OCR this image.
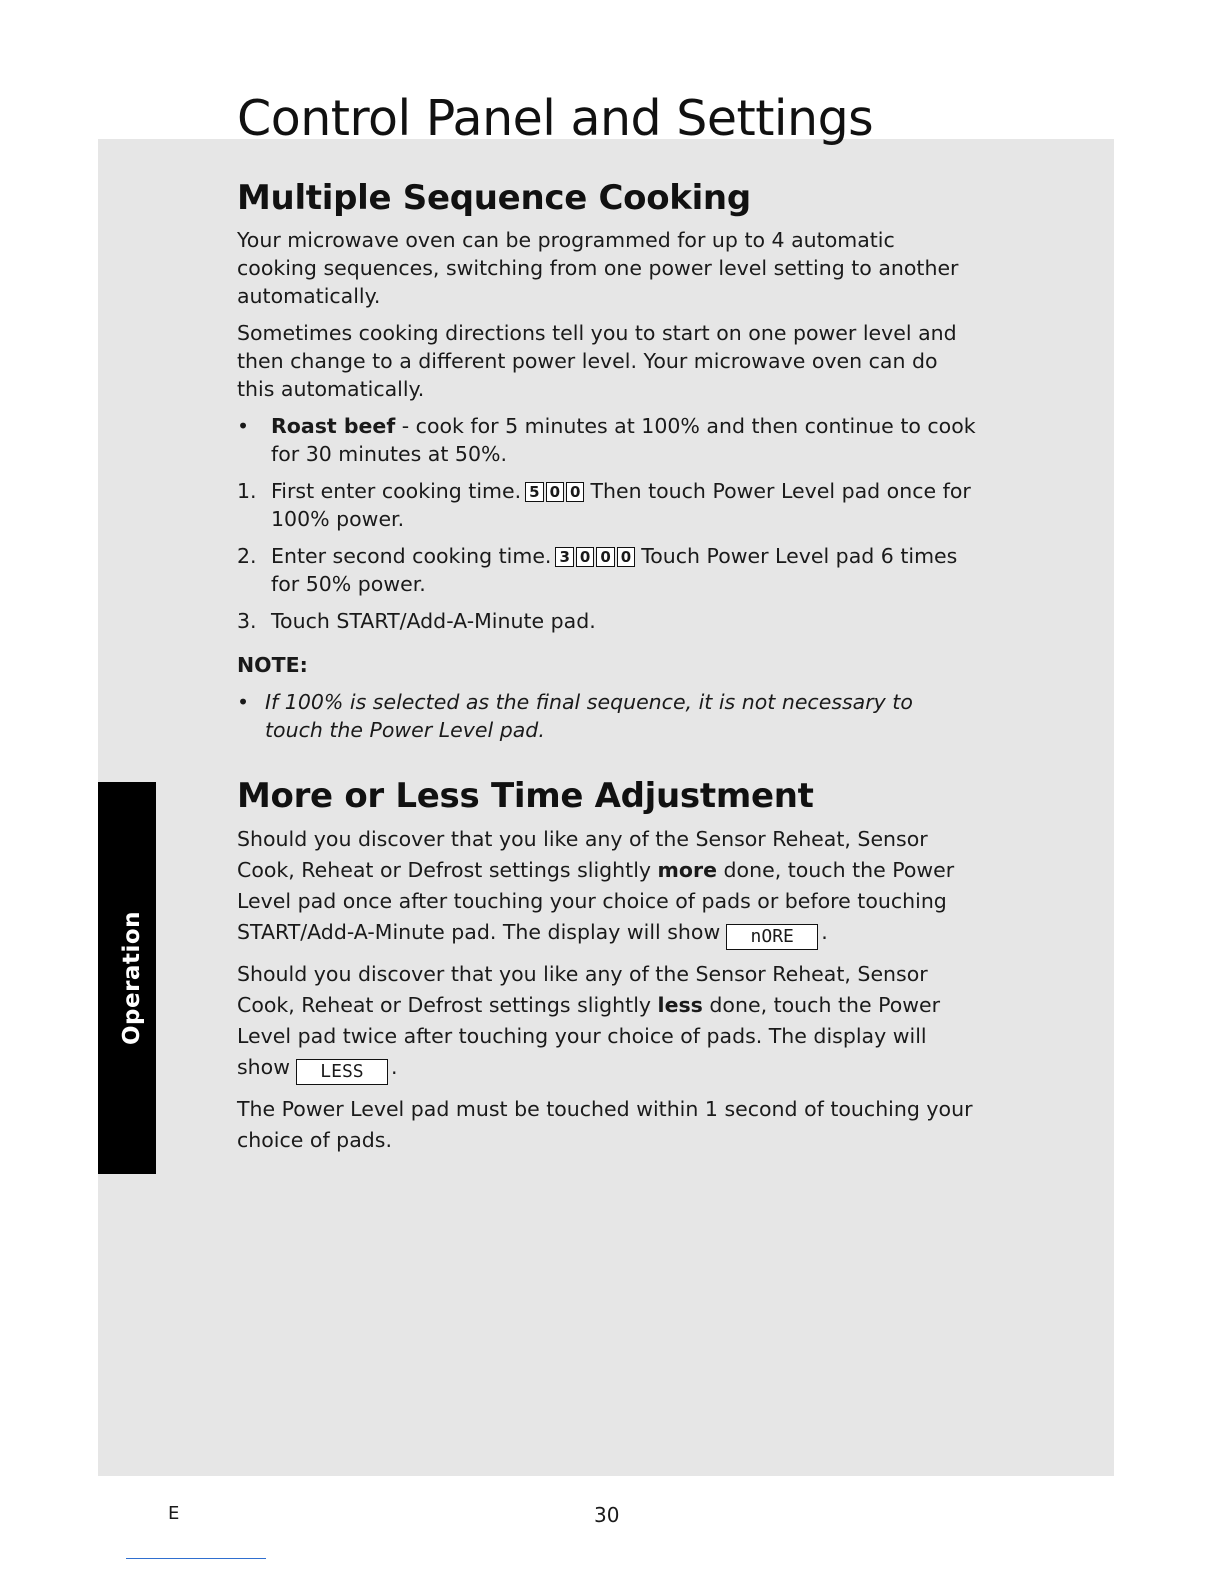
Operation
Control Panel and Settings
Multiple Sequence Cooking

Your microwave oven can be programmed for up to 4 automatic cooking sequences, switching from one power level setting to another automatically.

Sometimes cooking directions tell you to start on one power level and then change to a different power level. Your microwave oven can do this automatically.

•	Roast beef - cook for 5 minutes at 100% and then continue to cook for 30 minutes at 50%.
1. First enter cooking time. 5 0 0 Then touch Power Level pad once for 100% power.
2. Enter second cooking time. 3 0 0 0 Touch Power Level pad 6 times for 50% power.
3. Touch START/Add-A-Minute pad.
NOTE:
• If 100% is selected as the final sequence, it is not necessary to touch the Power Level pad.
More or Less Time Adjustment

Should you discover that you like any of the Sensor Reheat, Sensor Cook, Reheat or Defrost settings slightly more done, touch the Power Level pad once after touching your choice of pads or before touching START/Add-A-Minute pad. The display will show nORE .

Should you discover that you like any of the Sensor Reheat, Sensor Cook, Reheat or Defrost settings slightly less done, touch the Power Level pad twice after touching your choice of pads. The display will show LESS .

The Power Level pad must be touched within 1 second of touching your choice of pads.

E	30
